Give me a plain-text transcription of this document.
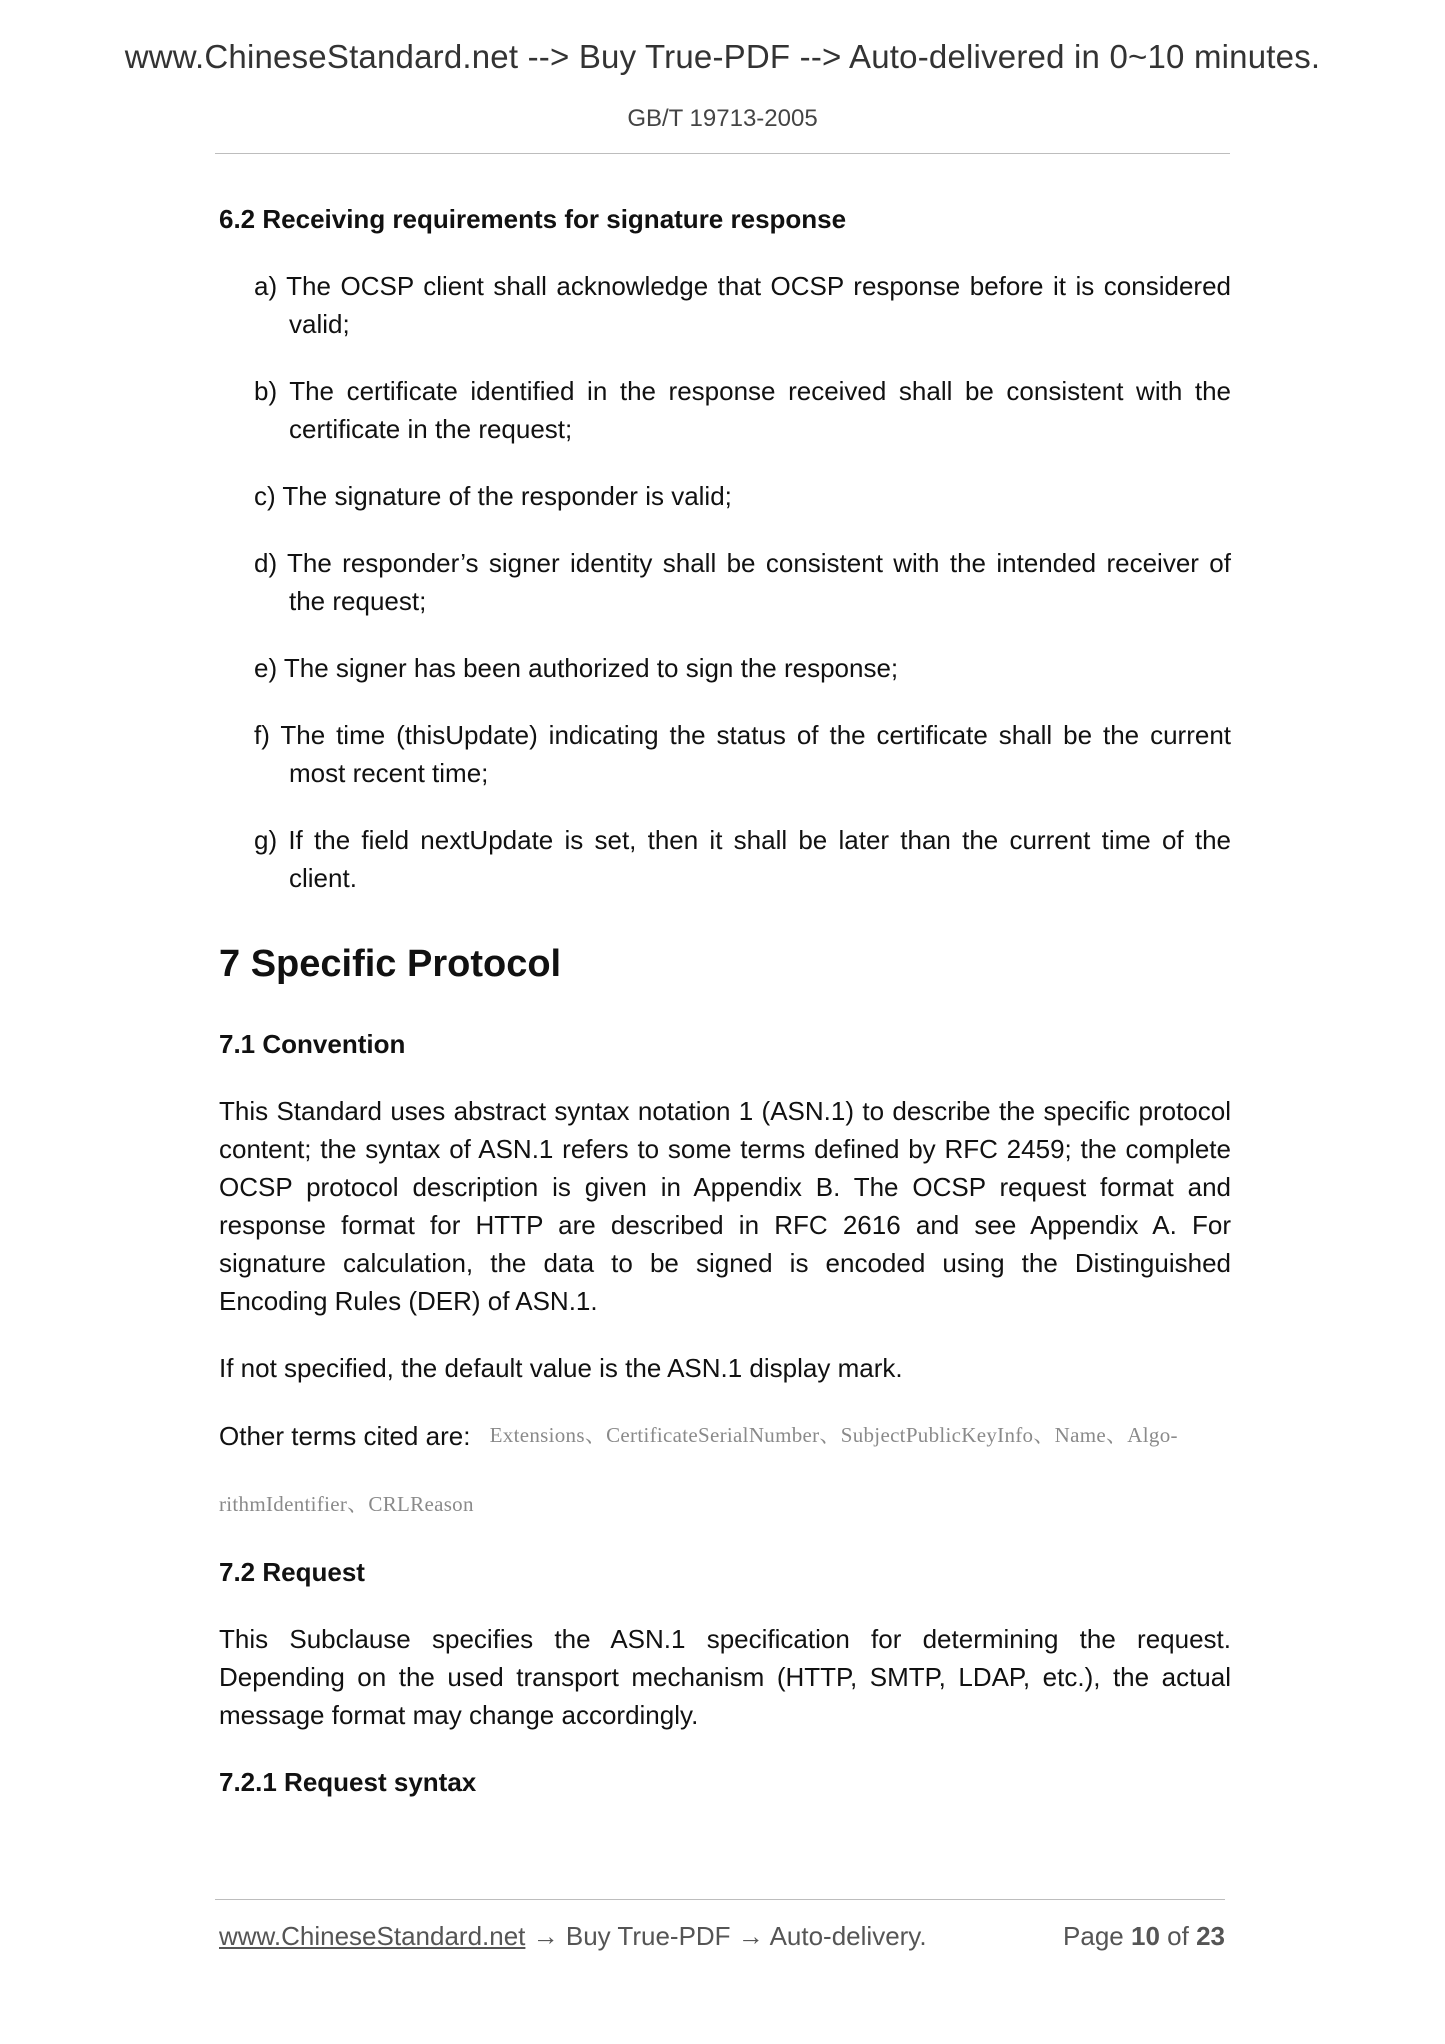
www.ChineseStandard.net --> Buy True-PDF --> Auto-delivered in 0~10 minutes.
GB/T 19713-2005
6.2 Receiving requirements for signature response

a) The OCSP client shall acknowledge that OCSP response before it is considered valid;

b) The certificate identified in the response received shall be consistent with the certificate in the request;

c) The signature of the responder is valid;

d) The responder’s signer identity shall be consistent with the intended receiver of the request;

e) The signer has been authorized to sign the response;

f) The time (thisUpdate) indicating the status of the certificate shall be the current most recent time;

g) If the field nextUpdate is set, then it shall be later than the current time of the client.

7 Specific Protocol
7.1 Convention

This Standard uses abstract syntax notation 1 (ASN.1) to describe the specific protocol content; the syntax of ASN.1 refers to some terms defined by RFC 2459; the complete OCSP protocol description is given in Appendix B. The OCSP request format and response format for HTTP are described in RFC 2616 and see Appendix A. For signature calculation, the data to be signed is encoded using the Distinguished Encoding Rules (DER) of ASN.1.

If not specified, the default value is the ASN.1 display mark.

Other terms cited are: Extensions、CertificateSerialNumber、SubjectPublicKeyInfo、Name、Algo-
rithmIdentifier、CRLReason
7.2 Request

This Subclause specifies the ASN.1 specification for determining the request. Depending on the used transport mechanism (HTTP, SMTP, LDAP, etc.), the actual message format may change accordingly.

7.2.1 Request syntax
www.ChineseStandard.net → Buy True-PDF → Auto-delivery.	Page 10 of 23
